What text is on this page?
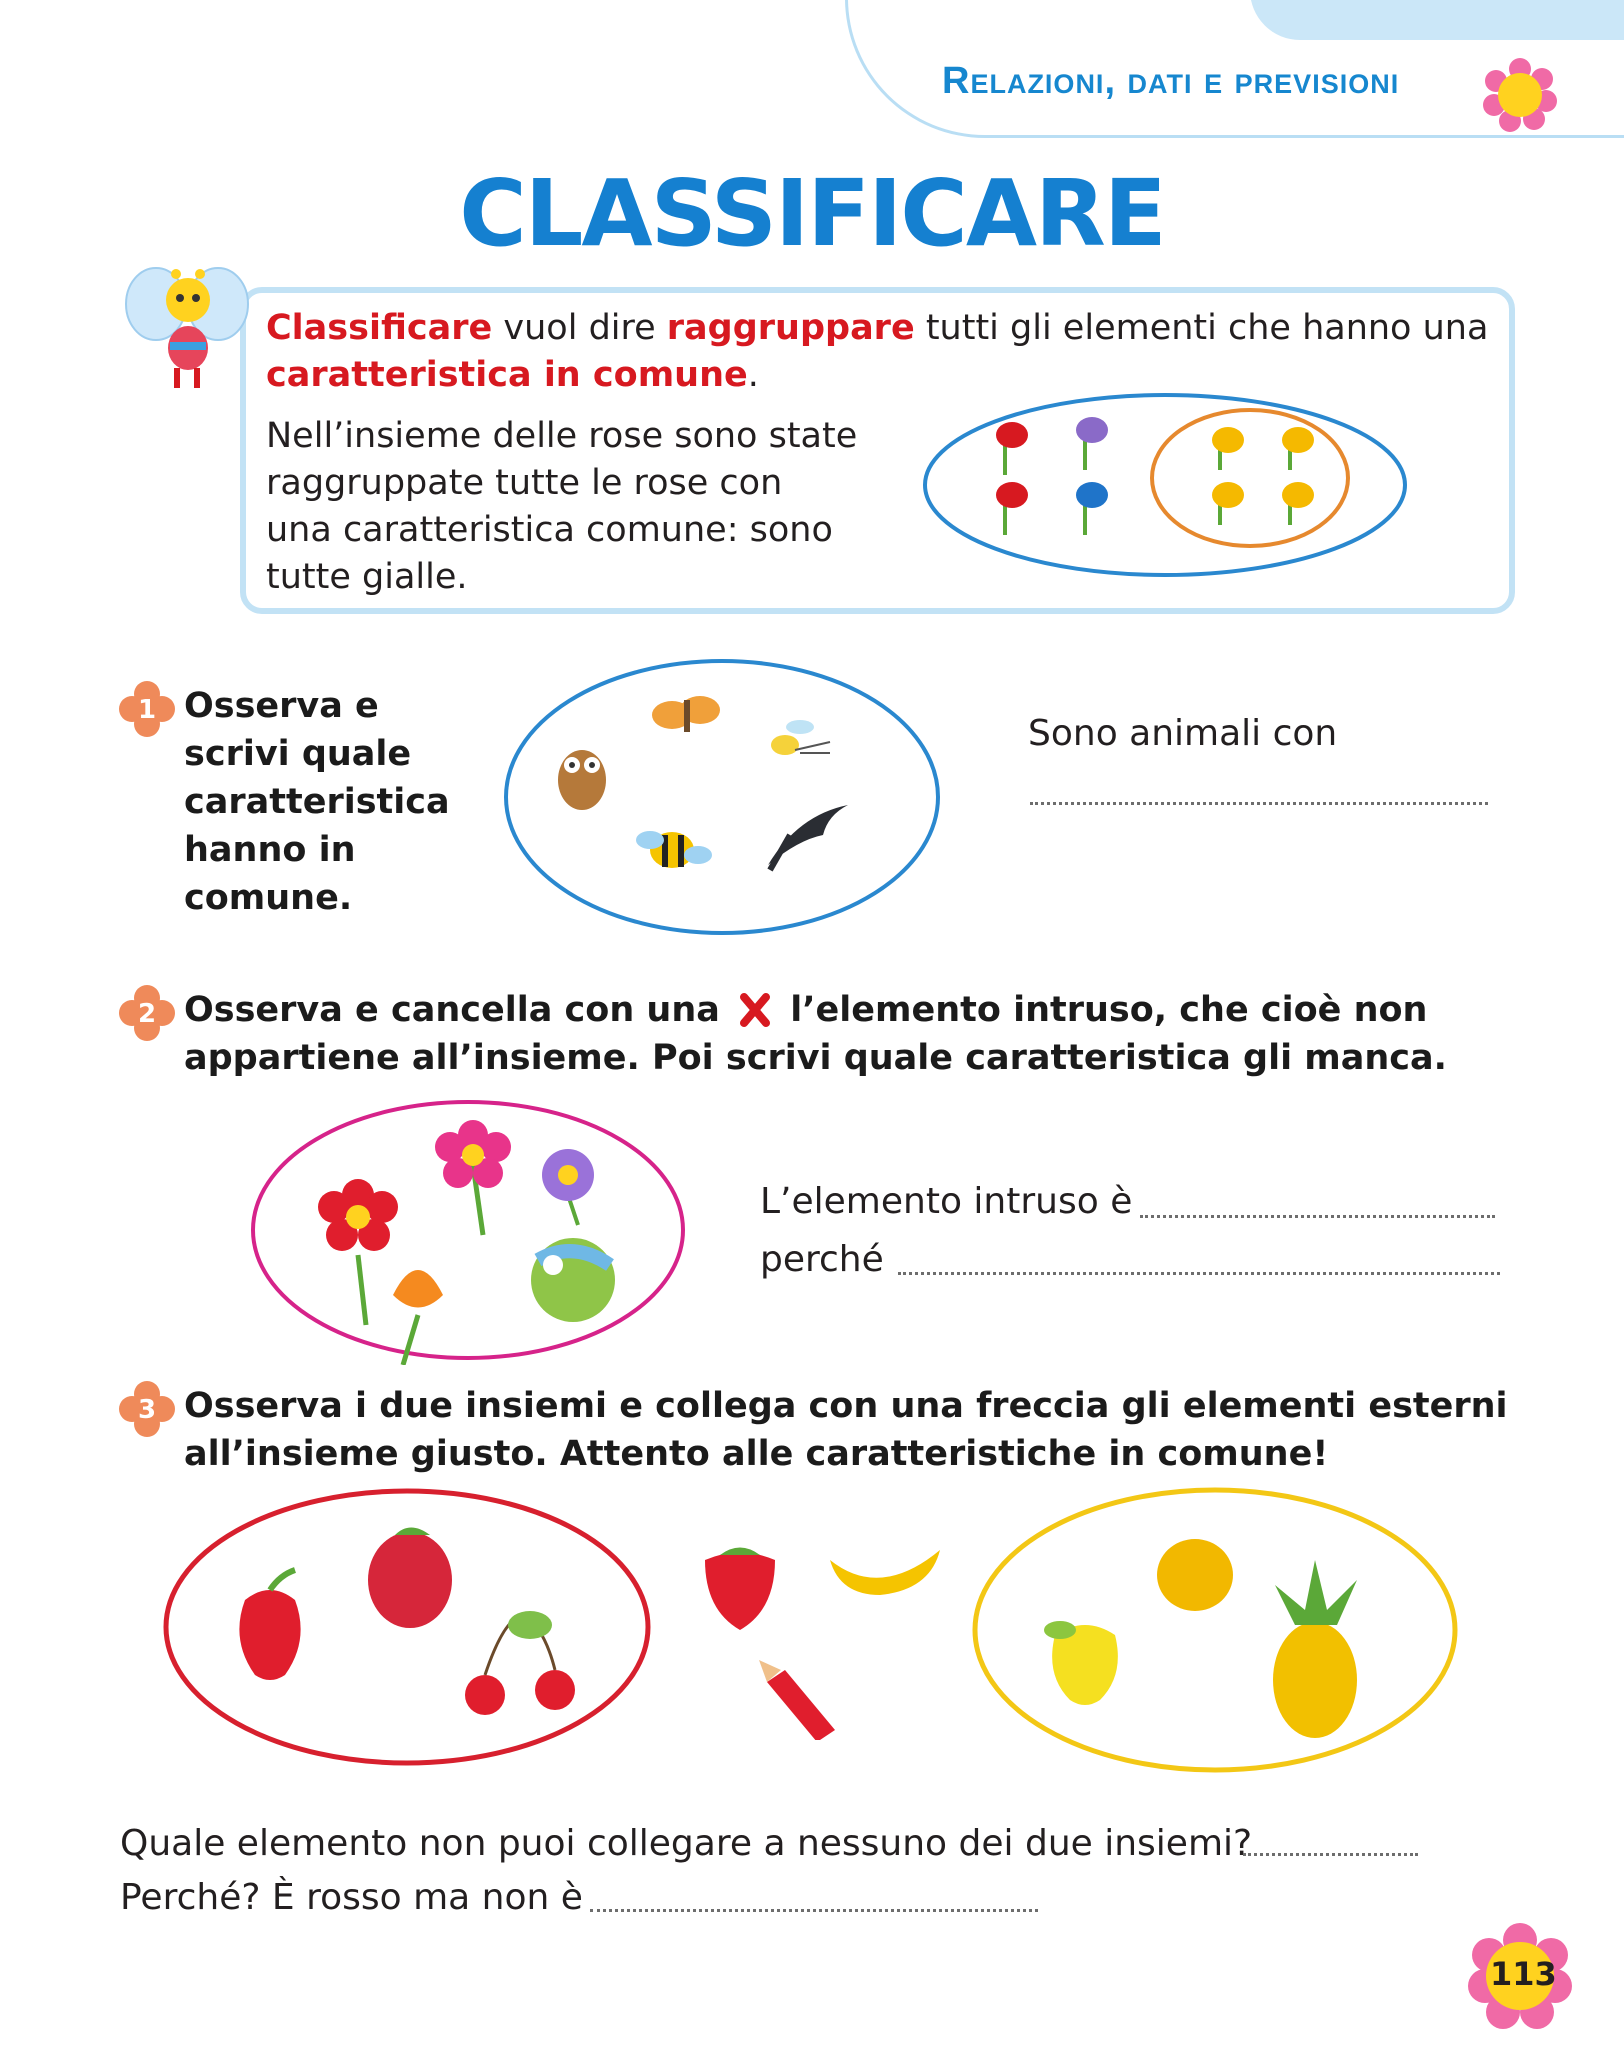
Relazioni, dati e previsioni
CLASSIFICARE
Classificare vuol dire raggruppare tutti gli elementi che hanno una
caratteristica in comune.
Nell’insieme delle rose sono state
raggruppate tutte le rose con
una caratteristica comune: sono
tutte gialle.
1 Osserva e
scrivi quale
caratteristica
hanno in
comune.
Sono animali con
2 Osserva e cancella con una l’elemento intruso, che cioè non
appartiene all’insieme. Poi scrivi quale caratteristica gli manca.
L’elemento intruso è
perché
3 Osserva i due insiemi e collega con una freccia gli elementi esterni
all’insieme giusto. Attento alle caratteristiche in comune!
Quale elemento non puoi collegare a nessuno dei due insiemi?
Perché? È rosso ma non è
113
